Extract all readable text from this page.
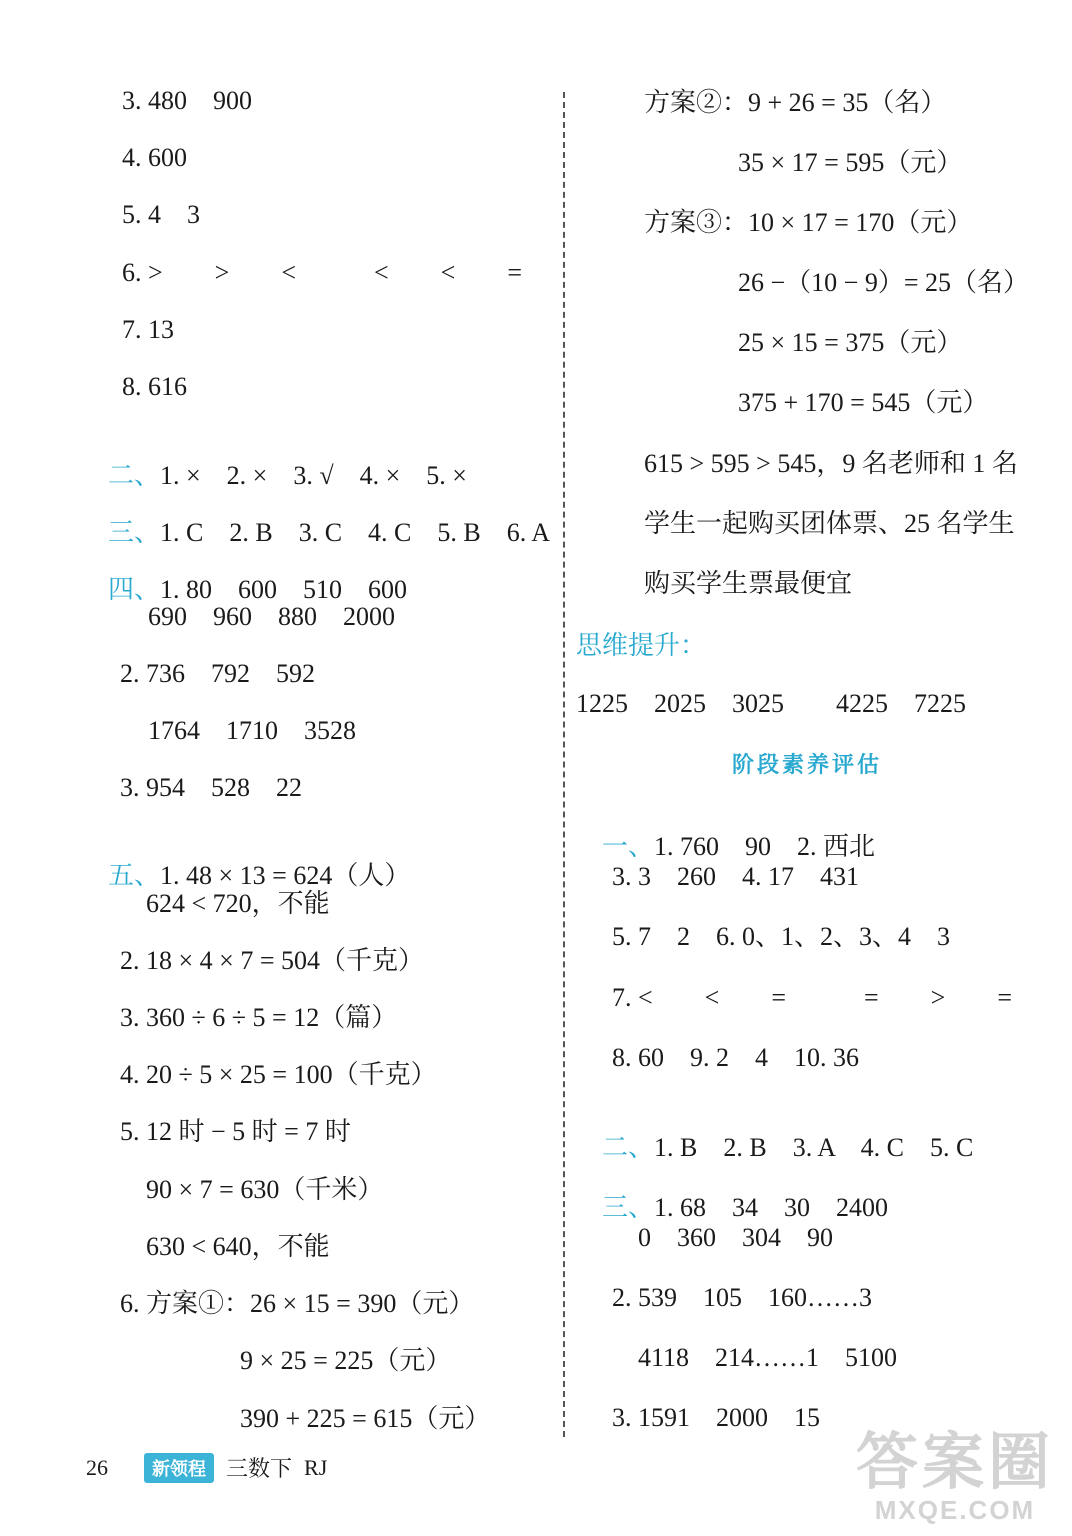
3. 480　900
4. 600
5. 4　3
6. >　　>　　<　　　<　　<　　=
7. 13
8. 616

二、1. ×　2. ×　3. √　4. ×　5. ×

三、1. C　2. B　3. C　4. C　5. B　6. A

四、1. 80　600　510　600

690　960　880　2000
2. 736　792　592
1764　1710　3528
3. 954　528　22

五、1. 48 × 13 = 624（人）

624 < 720，不能
2. 18 × 4 × 7 = 504（千克）
3. 360 ÷ 6 ÷ 5 = 12（篇）
4. 20 ÷ 5 × 25 = 100（千克）
5. 12 时 − 5 时 = 7 时
90 × 7 = 630（千米）
630 < 640，不能
6. 方案①：26 × 15 = 390（元）
9 × 25 = 225（元）
390 + 225 = 615（元）
方案②：9 + 26 = 35（名）
35 × 17 = 595（元）
方案③：10 × 17 = 170（元）
26 −（10 − 9）= 25（名）
25 × 15 = 375（元）
375 + 170 = 545（元）
615 > 595 > 545，9 名老师和 1 名
学生一起购买团体票、25 名学生
购买学生票最便宜
思维提升：
1225　2025　3025　　4225　7225
阶段素养评估

一、1. 760　90　2. 西北

3. 3　260　4. 17　431
5. 7　2　6. 0、1、2、3、4　3
7. <　　<　　=　　　=　　>　　=
8. 60　9. 2　4　10. 36

二、1. B　2. B　3. A　4. C　5. C

三、1. 68　34　30　2400

0　360　304　90
2. 539　105　160……3
4118　214……1　5100
3. 1591　2000　15
26	新领程 三数下 RJ	答案圈
MXQE.COM
